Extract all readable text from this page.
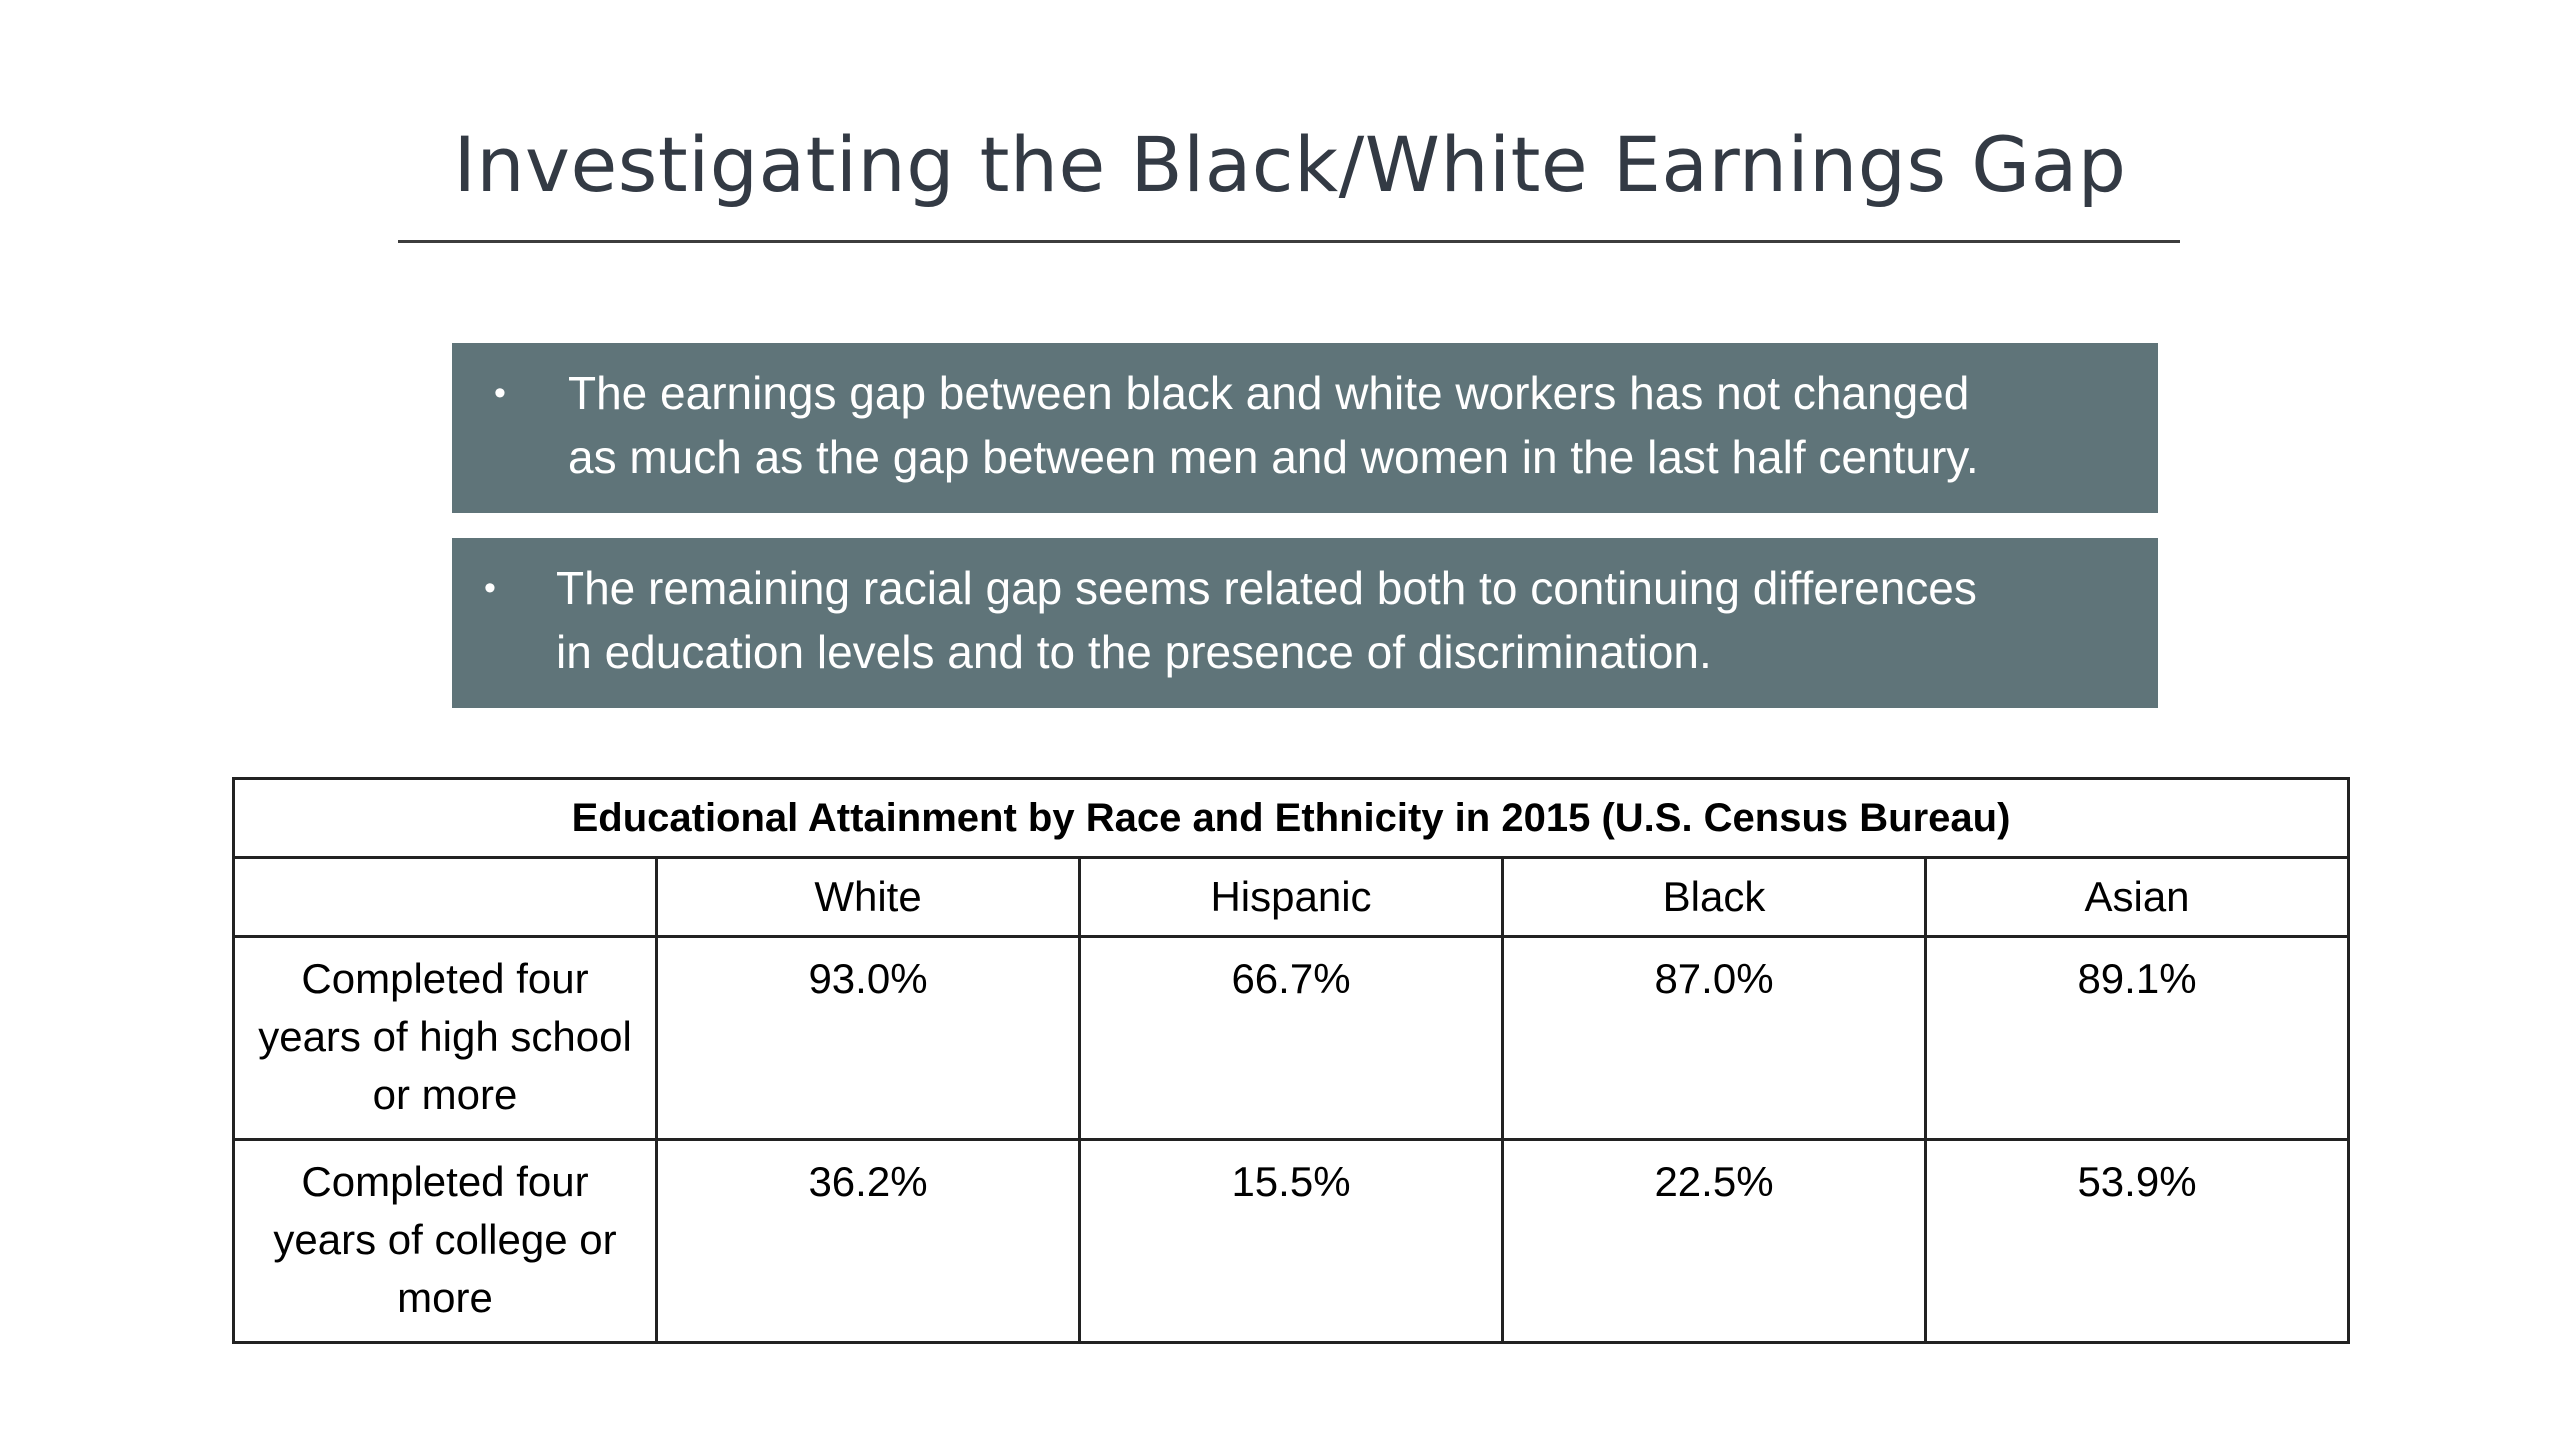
Investigating the Black/White Earnings Gap
• The earnings gap between black and white workers has not changed
as much as the gap between men and women in the last half century.
• The remaining racial gap seems related both to continuing differences
in education levels and to the presence of discrimination.
Educational Attainment by Race and Ethnicity in 2015 (U.S. Census Bureau)				
	White	Hispanic	Black	Asian
Completed four years of high school or more	93.0%	66.7%	87.0%	89.1%
Completed four years of college or more	36.2%	15.5%	22.5%	53.9%
